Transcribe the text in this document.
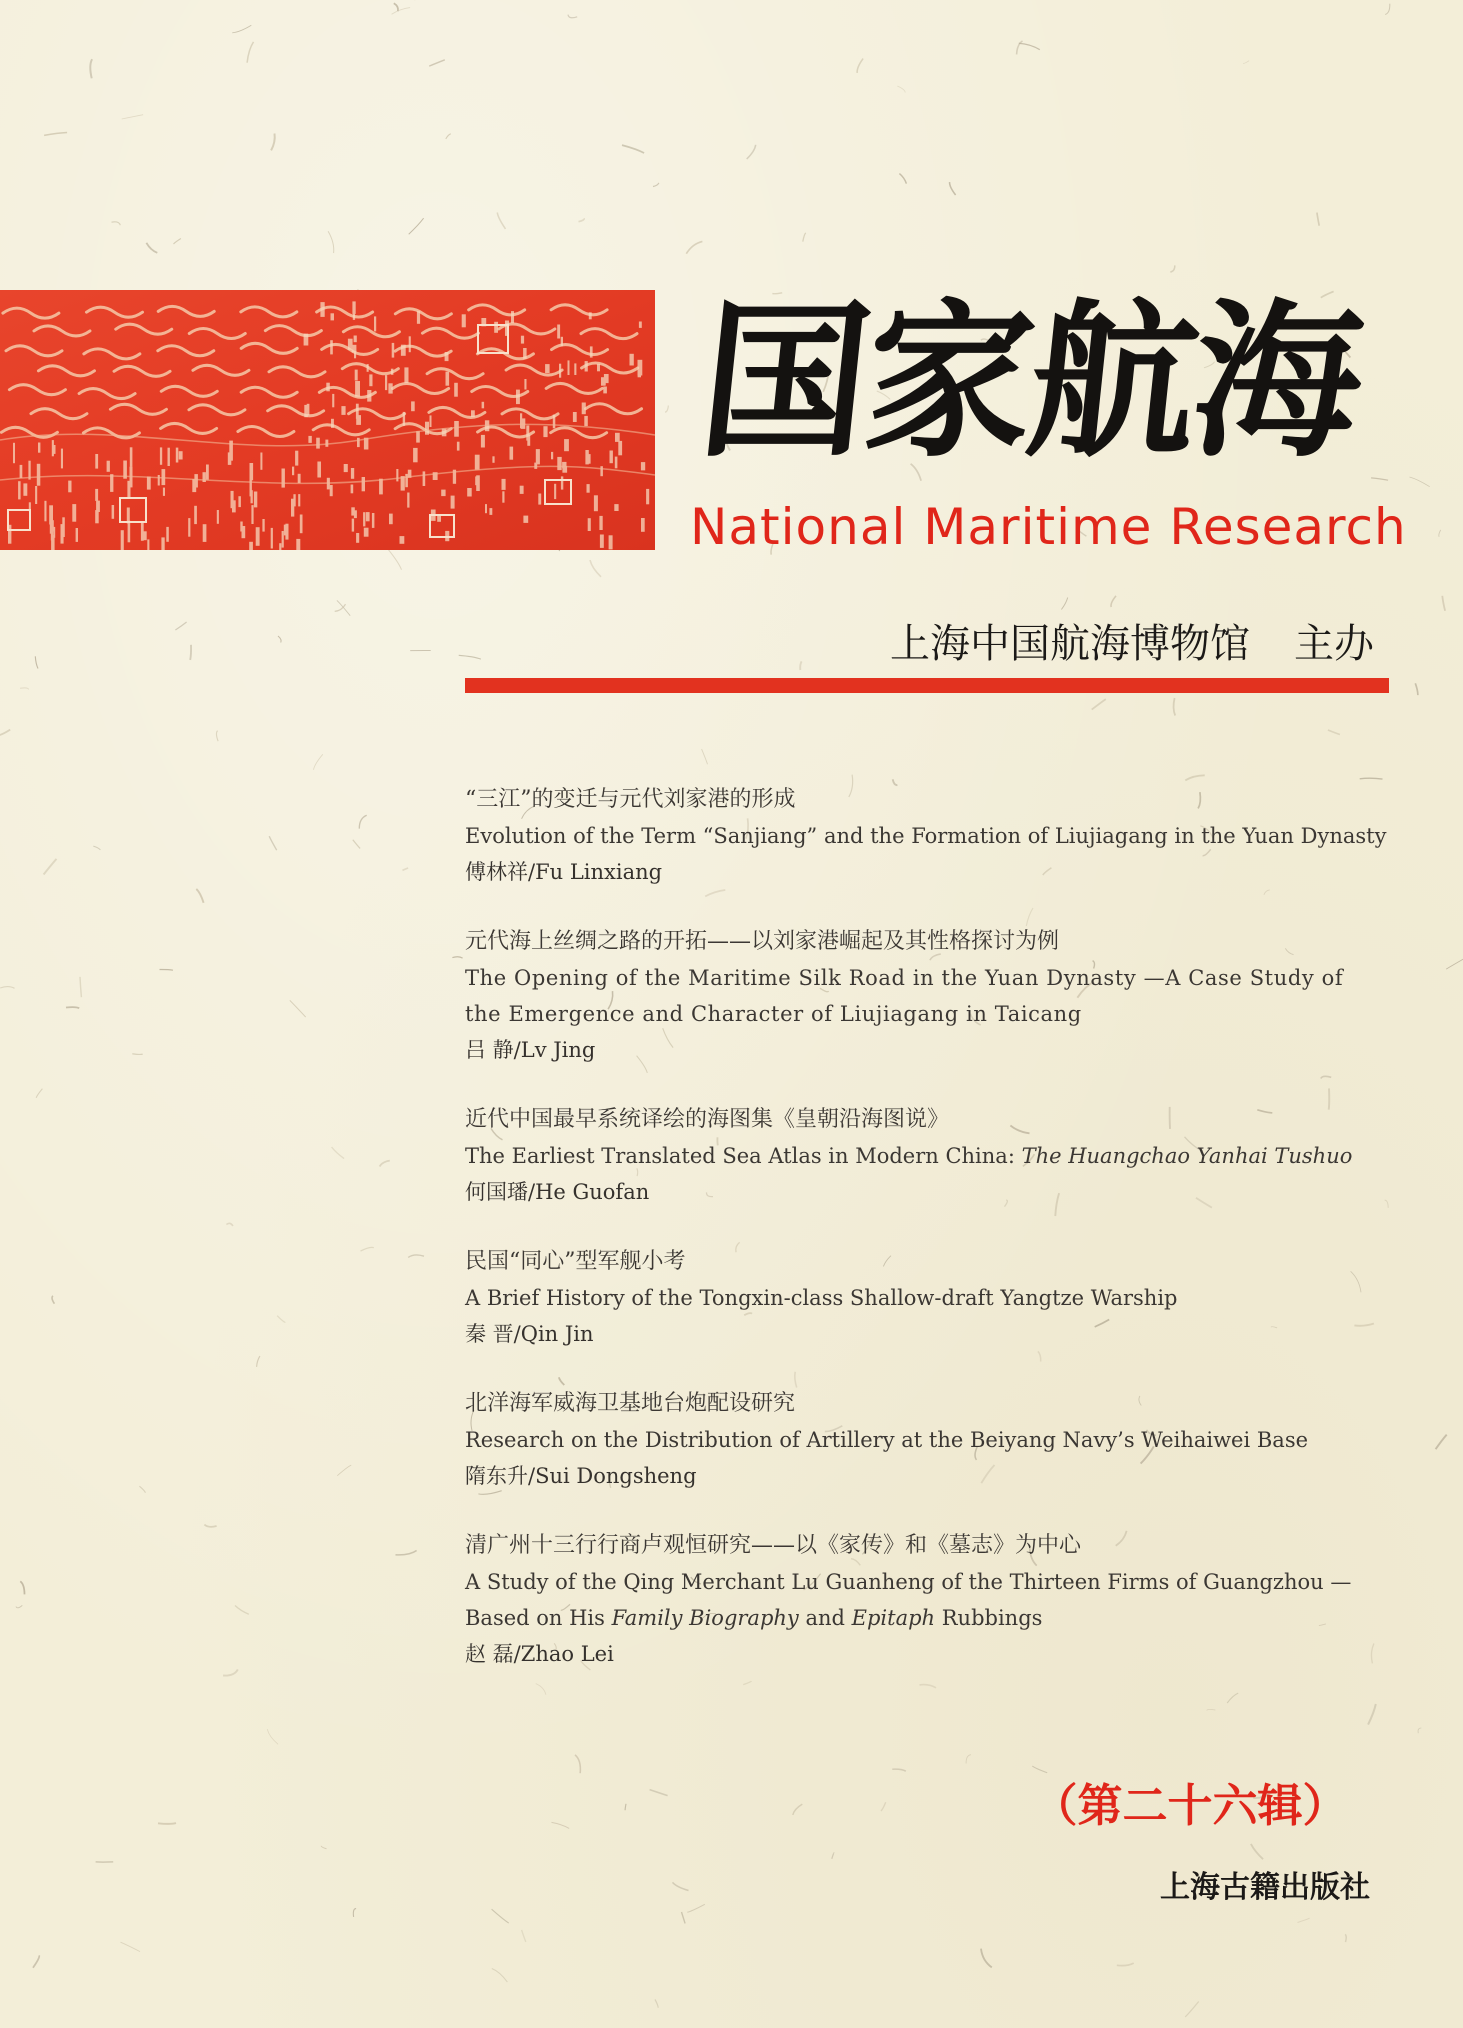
国家航海
National Maritime Research
上海中国航海博物馆 主办

“三江”的变迁与元代刘家港的形成

Evolution of the Term “Sanjiang” and the Formation of Liujiagang in the Yuan Dynasty

傅林祥/Fu Linxiang

元代海上丝绸之路的开拓——以刘家港崛起及其性格探讨为例

The Opening of the Maritime Silk Road in the Yuan Dynasty —A Case Study of the Emergence and Character of Liujiagang in Taicang

吕 静/Lv Jing

近代中国最早系统译绘的海图集《皇朝沿海图说》

The Earliest Translated Sea Atlas in Modern China: The Huangchao Yanhai Tushuo

何国璠/He Guofan

民国“同心”型军舰小考

A Brief History of the Tongxin-class Shallow-draft Yangtze Warship

秦 晋/Qin Jin

北洋海军威海卫基地台炮配设研究

Research on the Distribution of Artillery at the Beiyang Navy’s Weihaiwei Base

隋东升/Sui Dongsheng

清广州十三行行商卢观恒研究——以《家传》和《墓志》为中心

A Study of the Qing Merchant Lu Guanheng of the Thirteen Firms of Guangzhou —Based on His Family Biography and Epitaph Rubbings

赵 磊/Zhao Lei

（第二十六辑）
上海古籍出版社
